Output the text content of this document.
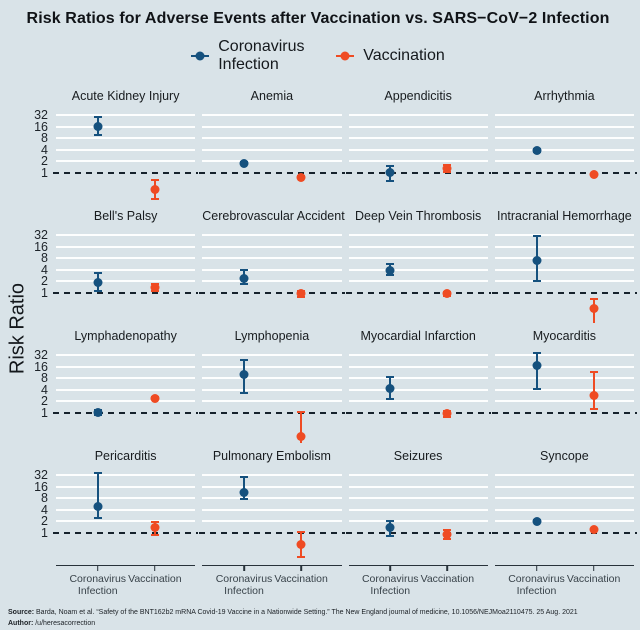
Risk Ratios for Adverse Events after Vaccination vs. SARS−CoV−2 Infection
Coronavirus Infection
Vaccination
Risk Ratio
32
16
8
4
2
1
Acute Kidney Injury	Anemia	Appendicitis	Arrhythmia
32
16
8
4
2
1
Bell's Palsy	Cerebrovascular Accident Deep Vein Thrombosis	Intracranial Hemorrhage
32
16
8
4
2
1
Lymphadenopathy	Lymphopenia	Myocardial Infarction	Myocarditis
32
16
8
4
2
1
Pericarditis
Coronavirus Infection
Vaccination
Pulmonary Embolism
Coronavirus Infection
Vaccination
Seizures
Coronavirus Infection
Vaccination
Syncope
Coronavirus Infection
Vaccination
Source: Barda, Noam et al. “Safety of the BNT162b2 mRNA Covid-19 Vaccine in a Nationwide Setting.” The New England journal of medicine, 10.1056/NEJMoa2110475. 25 Aug. 2021
Author: /u/heresacorrection
